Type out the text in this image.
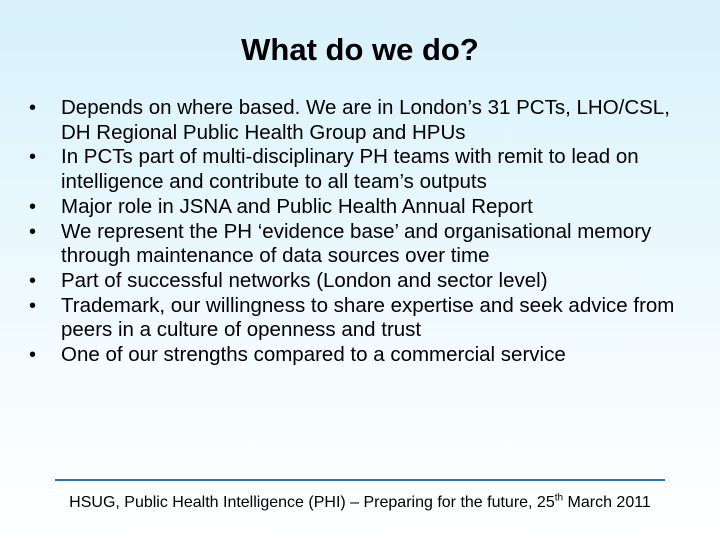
What do we do?
• Depends on where based. We are in London’s 31 PCTs, LHO/CSL, DH Regional Public Health Group and HPUs
• In PCTs part of multi-disciplinary PH teams with remit to lead on intelligence and contribute to all team’s outputs
• Major role in JSNA and Public Health Annual Report
• We represent the PH ‘evidence base’ and organisational memory through maintenance of data sources over time
• Part of successful networks (London and sector level)
• Trademark, our willingness to share expertise and seek advice from peers in a culture of openness and trust
• One of our strengths compared to a commercial service
HSUG, Public Health Intelligence (PHI) – Preparing for the future, 25th March 2011
